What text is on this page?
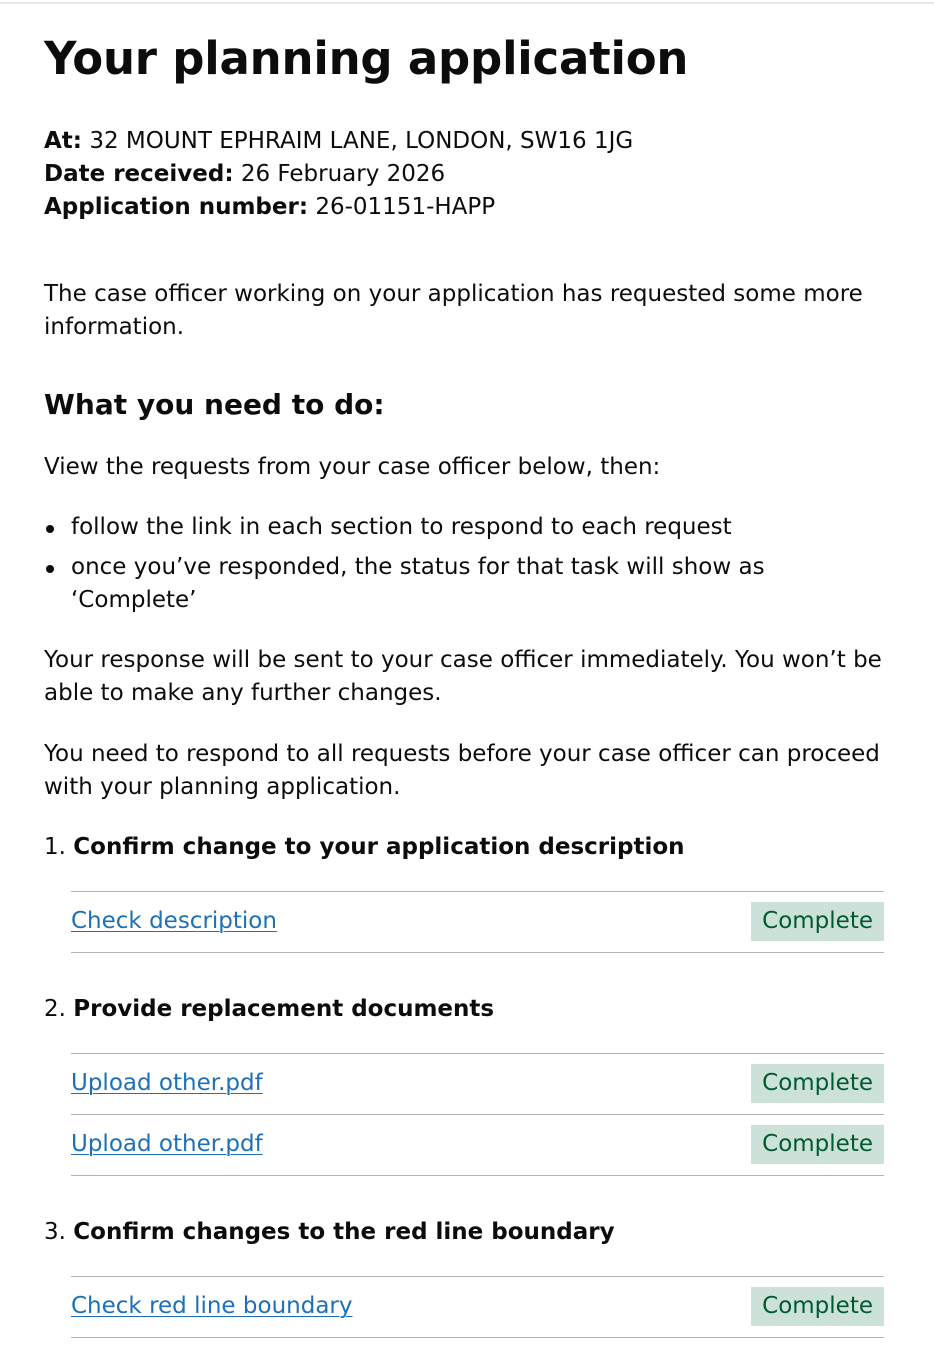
Your planning application
At: 32 MOUNT EPHRAIM LANE, LONDON, SW16 1JG
Date received: 26 February 2026
Application number: 26-01151-HAPP

The case officer working on your application has requested some more information.

What you need to do:

View the requests from your case officer below, then:

follow the link in each section to respond to each request
once you’ve responded, the status for that task will show as ‘Complete’

Your response will be sent to your case officer immediately. You won’t be able to make any further changes.

You need to respond to all requests before your case officer can proceed with your planning application.

1. Confirm change to your application description
Check description	Complete
2. Provide replacement documents
Upload other.pdf	Complete
Upload other.pdf	Complete
3. Confirm changes to the red line boundary
Check red line boundary	Complete
